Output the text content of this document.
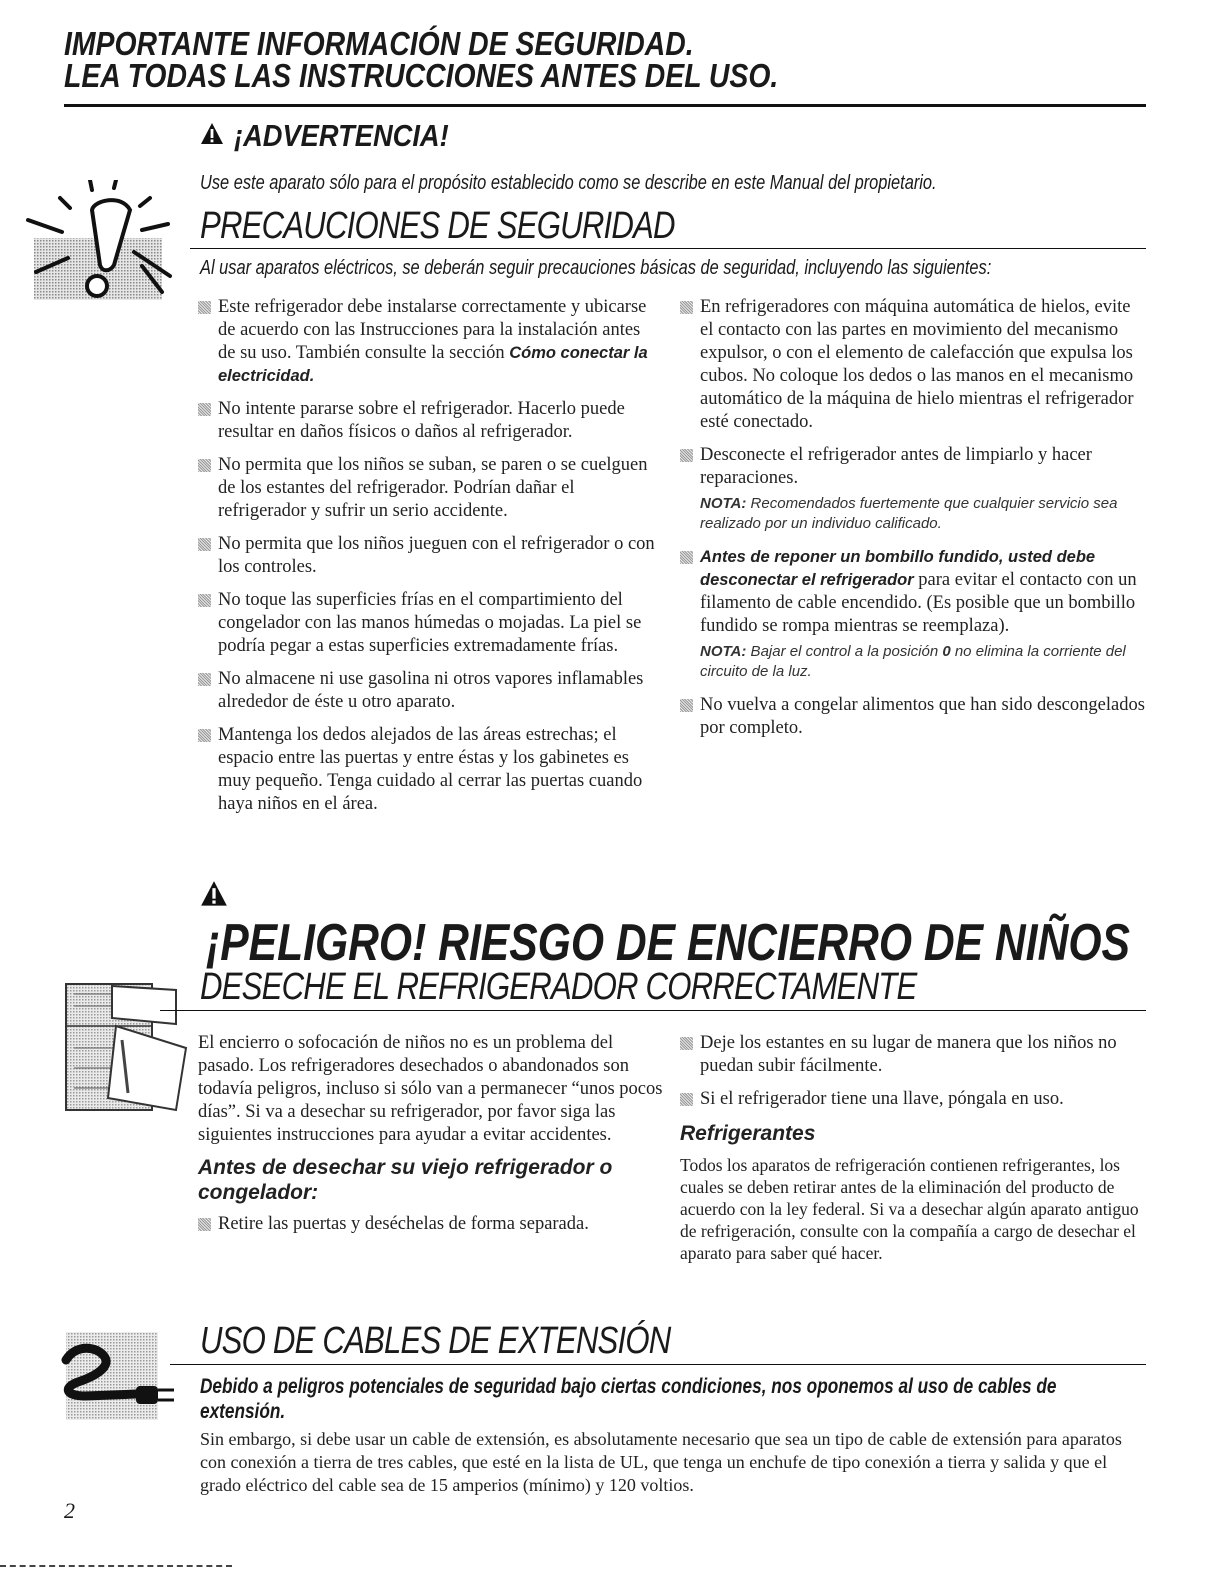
IMPORTANTE INFORMACIÓN DE SEGURIDAD.
LEA TODAS LAS INSTRUCCIONES ANTES DEL USO.
¡ADVERTENCIA!
Use este aparato sólo para el propósito establecido como se describe en este Manual del propietario.
PRECAUCIONES DE SEGURIDAD
Al usar aparatos eléctricos, se deberán seguir precauciones básicas de seguridad, incluyendo las siguientes:
Este refrigerador debe instalarse correctamente y ubicarse de acuerdo con las Instrucciones para la instalación antes de su uso. También consulte la sección Cómo conectar la electricidad.
No intente pararse sobre el refrigerador. Hacerlo puede resultar en daños físicos o daños al refrigerador.
No permita que los niños se suban, se paren o se cuelguen de los estantes del refrigerador. Podrían dañar el refrigerador y sufrir un serio accidente.
No permita que los niños jueguen con el refrigerador o con los controles.
No toque las superficies frías en el compartimiento del congelador con las manos húmedas o mojadas. La piel se podría pegar a estas superficies extremadamente frías.
No almacene ni use gasolina ni otros vapores inflamables alrededor de éste u otro aparato.
Mantenga los dedos alejados de las áreas estrechas; el espacio entre las puertas y entre éstas y los gabinetes es muy pequeño. Tenga cuidado al cerrar las puertas cuando haya niños en el área.
En refrigeradores con máquina automática de hielos, evite el contacto con las partes en movimiento del mecanismo expulsor, o con el elemento de calefacción que expulsa los cubos. No coloque los dedos o las manos en el mecanismo automático de la máquina de hielo mientras el refrigerador esté conectado.
Desconecte el refrigerador antes de limpiarlo y hacer reparaciones.
NOTA: Recomendados fuertemente que cualquier servicio sea realizado por un individuo calificado.
Antes de reponer un bombillo fundido, usted debe desconectar el refrigerador para evitar el contacto con un filamento de cable encendido. (Es posible que un bombillo fundido se rompa mientras se reemplaza).
NOTA: Bajar el control a la posición 0 no elimina la corriente del circuito de la luz.
No vuelva a congelar alimentos que han sido descongelados por completo.
¡PELIGRO! RIESGO DE ENCIERRO DE NIÑOS
DESECHE EL REFRIGERADOR CORRECTAMENTE
El encierro o sofocación de niños no es un problema del pasado. Los refrigeradores desechados o abandonados son todavía peligros, incluso si sólo van a permanecer “unos pocos días”. Si va a desechar su refrigerador, por favor siga las siguientes instrucciones para ayudar a evitar accidentes.
Antes de desechar su viejo refrigerador o congelador:
Retire las puertas y deséchelas de forma separada.
Deje los estantes en su lugar de manera que los niños no puedan subir fácilmente.
Si el refrigerador tiene una llave, póngala en uso.
Refrigerantes
Todos los aparatos de refrigeración contienen refrigerantes, los cuales se deben retirar antes de la eliminación del producto de acuerdo con la ley federal. Si va a desechar algún aparato antiguo de refrigeración, consulte con la compañía a cargo de desechar el aparato para saber qué hacer.
USO DE CABLES DE EXTENSIÓN
Debido a peligros potenciales de seguridad bajo ciertas condiciones, nos oponemos al uso de cables de extensión.
Sin embargo, si debe usar un cable de extensión, es absolutamente necesario que sea un tipo de cable de extensión para aparatos con conexión a tierra de tres cables, que esté en la lista de UL, que tenga un enchufe de tipo conexión a tierra y salida y que el grado eléctrico del cable sea de 15 amperios (mínimo) y 120 voltios.
2
